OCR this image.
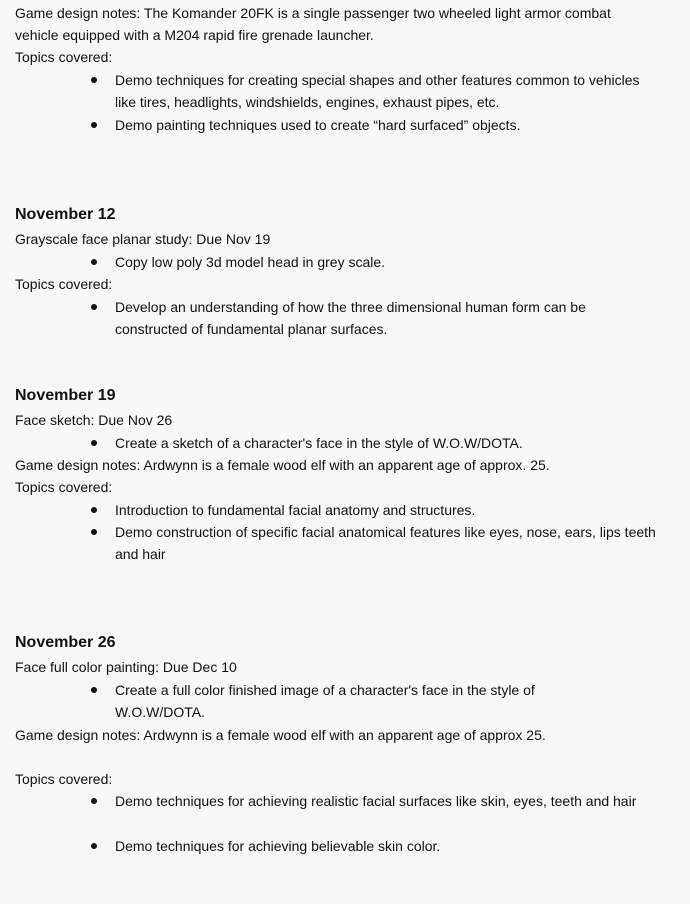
Game design notes: The Komander 20FK is a single passenger two wheeled light armor combat
vehicle equipped with a M204 rapid fire grenade launcher.
Topics covered:
Demo techniques for creating special shapes and other features common to vehicles like tires, headlights, windshields, engines, exhaust pipes, etc.
Demo painting techniques used to create “hard surfaced” objects.
November 12
Grayscale face planar study: Due Nov 19
Copy low poly 3d model head in grey scale.
Topics covered:
Develop an understanding of how the three dimensional human form can be constructed of fundamental planar surfaces.
November 19
Face sketch: Due Nov 26
Create a sketch of a character's face in the style of W.O.W/DOTA.
Game design notes: Ardwynn is a female wood elf with an apparent age of approx. 25.
Topics covered:
Introduction to fundamental facial anatomy and structures.
Demo construction of specific facial anatomical features like eyes, nose, ears, lips teeth and hair
November 26
Face full color painting: Due Dec 10
Create a full color finished image of a character's face in the style of W.O.W/DOTA.
Game design notes: Ardwynn is a female wood elf with an apparent age of approx 25.
Topics covered:
Demo techniques for achieving realistic facial surfaces like skin, eyes, teeth and hair
Demo techniques for achieving believable skin color.
